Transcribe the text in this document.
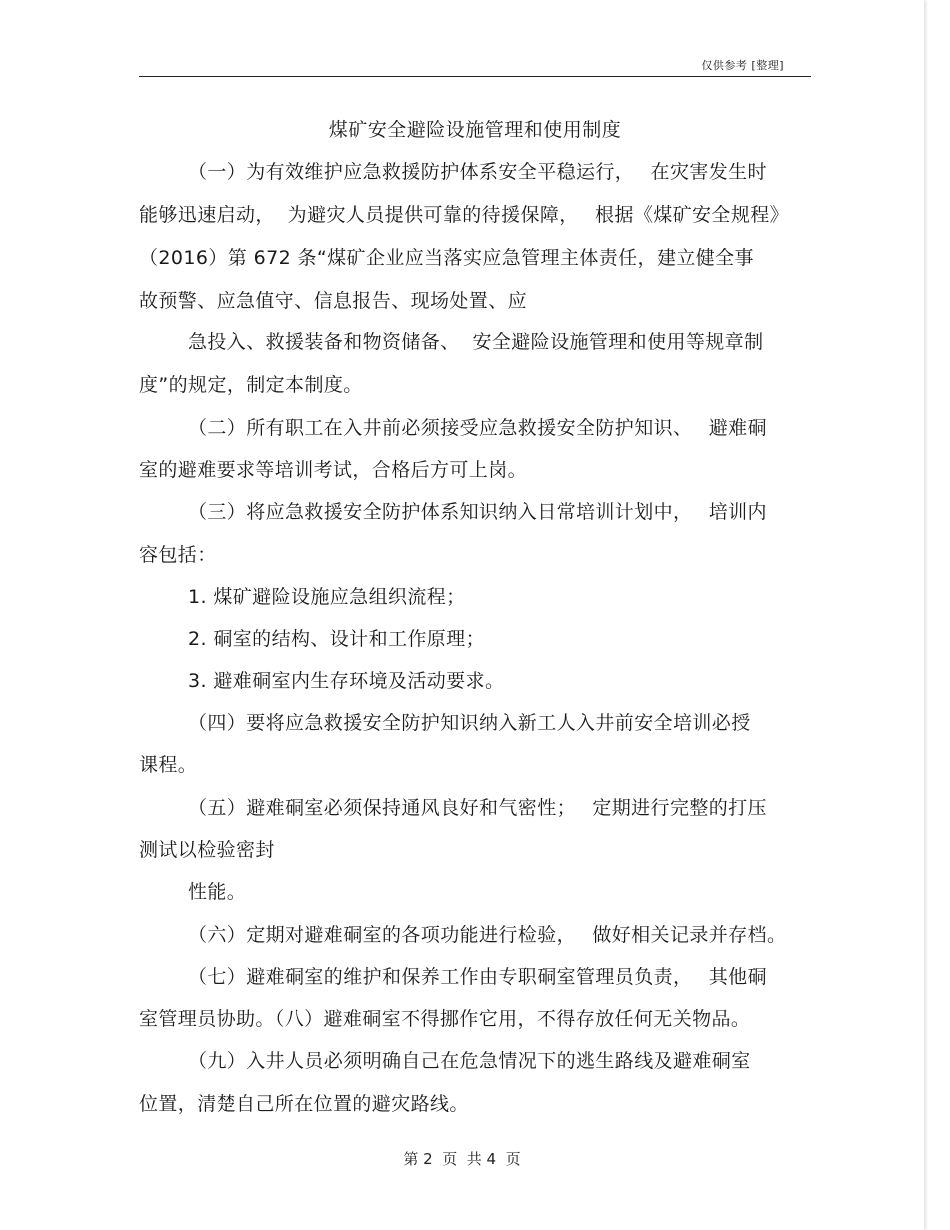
仅供参考 [整理]
煤矿安全避险设施管理和使用制度
（一）为有效维护应急救援防护体系安全平稳运行，　 在灾害发生时
能够迅速启动，  为避灾人员提供可靠的待援保障，　 根据《煤矿安全规程》
（2016）第 672 条“煤矿企业应当落实应急管理主体责任，建立健全事
故预警、应急值守、信息报告、现场处置、应
急投入、救援装备和物资储备、  安全避险设施管理和使用等规章制
度”的规定，制定本制度。
（二）所有职工在入井前必须接受应急救援安全防护知识、　 避难硐
室的避难要求等培训考试，合格后方可上岗。
（三）将应急救援安全防护体系知识纳入日常培训计划中，　 培训内
容包括：
1. 煤矿避险设施应急组织流程；
2. 硐室的结构、设计和工作原理；
3. 避难硐室内生存环境及活动要求。
（四）要将应急救援安全防护知识纳入新工人入井前安全培训必授
课程。
（五）避难硐室必须保持通风良好和气密性；　 定期进行完整的打压
测试以检验密封
性能。
（六）定期对避难硐室的各项功能进行检验，　 做好相关记录并存档。
（七）避难硐室的维护和保养工作由专职硐室管理员负责，　 其他硐
室管理员协助。（八）避难硐室不得挪作它用，不得存放任何无关物品。
（九）入井人员必须明确自己在危急情况下的逃生路线及避难硐室
位置，清楚自己所在位置的避灾路线。
第 2  页  共 4  页
